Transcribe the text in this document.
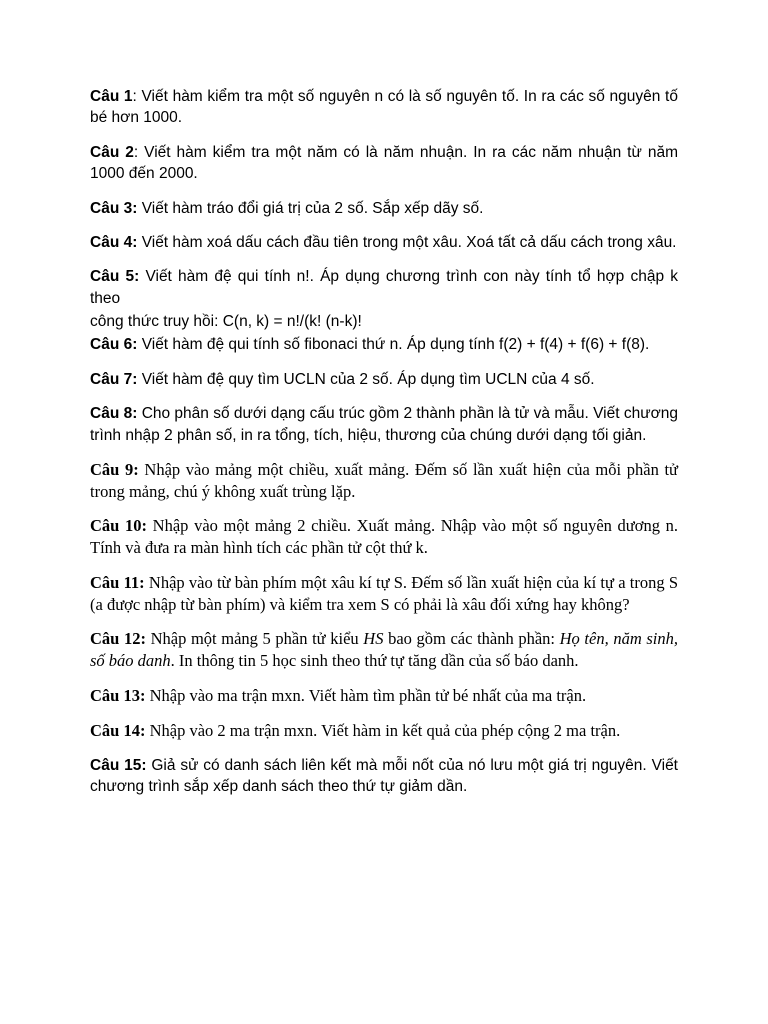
Câu 1: Viết hàm kiểm tra một số nguyên n có là số nguyên tố. In ra các số nguyên tố
bé hơn 1000.
Câu 2: Viết hàm kiểm tra một năm có là năm nhuận. In ra các năm nhuận từ năm
1000 đến 2000.
Câu 3: Viết hàm tráo đổi giá trị của 2 số. Sắp xếp dãy số.
Câu 4: Viết hàm xoá dấu cách đầu tiên trong một xâu. Xoá tất cả dấu cách trong xâu.
Câu 5: Viết hàm đệ qui tính n!. Áp dụng chương trình con này tính tổ hợp chập k theo
công thức truy hồi: C(n, k) = n!/(k! (n-k)!
Câu 6: Viết hàm đệ qui tính số fibonaci thứ n. Áp dụng tính f(2) + f(4) + f(6) + f(8).
Câu 7: Viết hàm đệ quy tìm UCLN của 2 số. Áp dụng tìm UCLN của 4 số.
Câu 8: Cho phân số dưới dạng cấu trúc gồm 2 thành phần là tử và mẫu. Viết chương trình nhập 2 phân số, in ra tổng, tích, hiệu, thương của chúng dưới dạng tối giản.
Câu 9: Nhập vào mảng một chiều, xuất mảng. Đếm số lần xuất hiện của mỗi phần tử trong mảng, chú ý không xuất trùng lặp.
Câu 10: Nhập vào một mảng 2 chiều. Xuất mảng. Nhập vào một số nguyên dương n. Tính và đưa ra màn hình tích các phần tử cột thứ k.
Câu 11: Nhập vào từ bàn phím một xâu kí tự S. Đếm số lần xuất hiện của kí tự a trong S (a được nhập từ bàn phím) và kiểm tra xem S có phải là xâu đối xứng hay không?
Câu 12: Nhập một mảng 5 phần tử kiểu HS bao gồm các thành phần: Họ tên, năm sinh, số báo danh. In thông tin 5 học sinh theo thứ tự tăng dần của số báo danh.
Câu 13: Nhập vào ma trận mxn. Viết hàm tìm phần tử bé nhất của ma trận.
Câu 14: Nhập vào 2 ma trận mxn. Viết hàm in kết quả của phép cộng 2 ma trận.
Câu 15: Giả sử có danh sách liên kết mà mỗi nốt của nó lưu một giá trị nguyên. Viết
chương trình sắp xếp danh sách theo thứ tự giảm dần.
